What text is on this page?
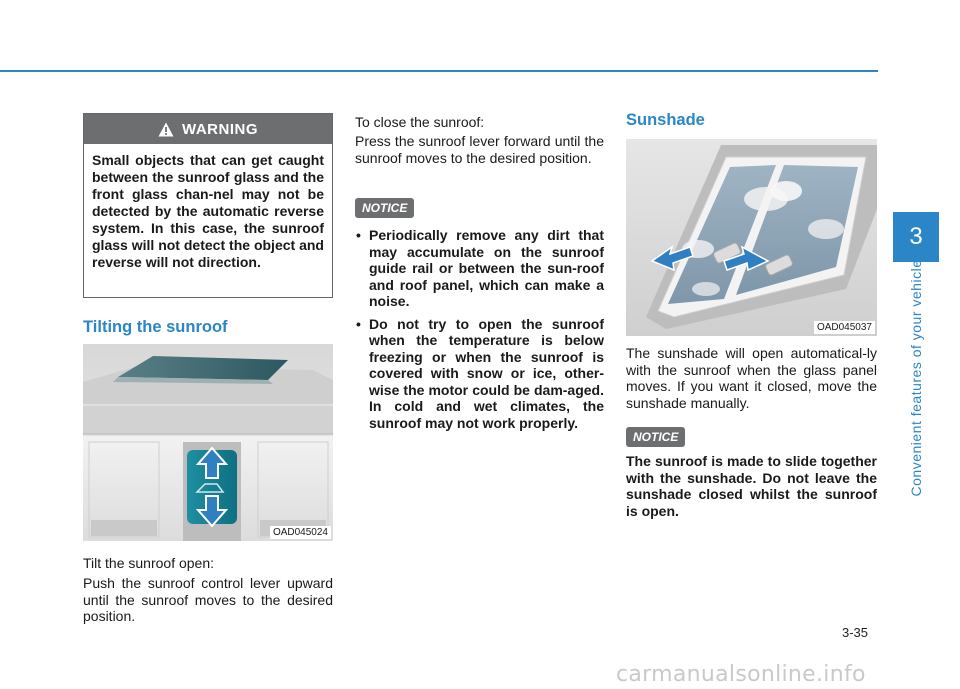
3
Convenient features of your vehicle
WARNING
Small objects that can get caught between the sunroof glass and the front glass chan-nel may not be detected by the automatic reverse system. In this case, the sunroof glass will not detect the object and reverse will not direction.
Tilting the sunroof
OAD045024
Tilt the sunroof open:
Push the sunroof control lever upward until the sunroof moves to the desired position.
To close the sunroof:
Press the sunroof lever forward until the sunroof moves to the desired position.
NOTICE
• Periodically remove any dirt that may accumulate on the sunroof guide rail or between the sun-roof and roof panel, which can make a noise.
• Do not try to open the sunroof when the temperature is below freezing or when the sunroof is covered with snow or ice, other-wise the motor could be dam-aged. In cold and wet climates, the sunroof may not work properly.
Sunshade
OAD045037
The sunshade will open automatical-ly with the sunroof when the glass panel moves. If you want it closed, move the sunshade manually.
NOTICE
The sunroof is made to slide together with the sunshade. Do not leave the sunshade closed whilst the sunroof is open.
3-35
carmanualsonline.info
